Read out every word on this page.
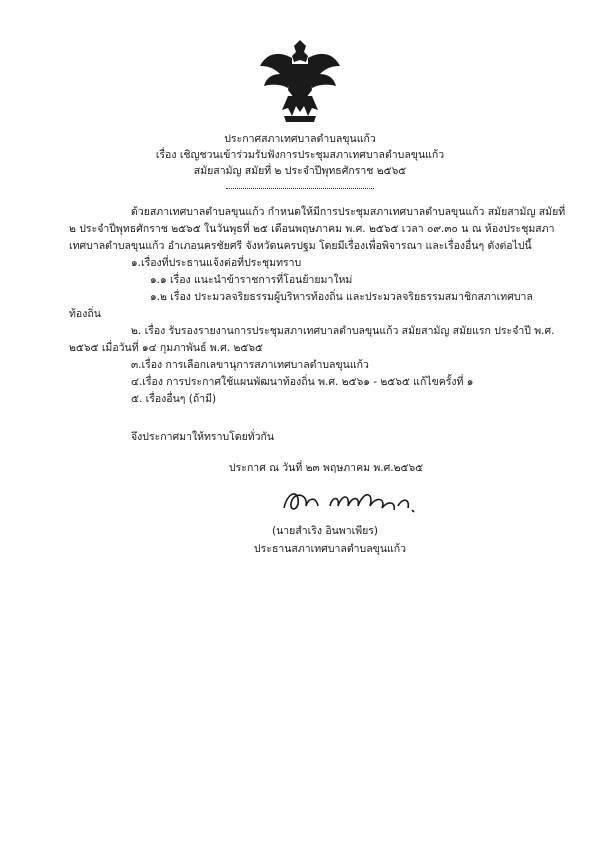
ประกาศสภาเทศบาลตำบลขุนแก้ว
เรื่อง เชิญชวนเข้าร่วมรับฟังการประชุมสภาเทศบาลตำบลขุนแก้ว
สมัยสามัญ สมัยที่ ๒ ประจำปีพุทธศักราช ๒๕๖๕
ด้วยสภาเทศบาลตำบลขุนแก้ว กำหนดให้มีการประชุมสภาเทศบาลตำบลขุนแก้ว สมัยสามัญ สมัยที่
๒ ประจำปีพุทธศักราช ๒๕๖๕ ในวันพุธที่ ๒๕ เดือนพฤษภาคม พ.ศ. ๒๕๖๕ เวลา ๐๙.๓๐ น ณ ห้องประชุมสภา
เทศบาลตำบลขุนแก้ว อำเภอนครชัยศรี จังหวัดนครปฐม โดยมีเรื่องเพื่อพิจารณา และเรื่องอื่นๆ ดังต่อไปนี้
๑.เรื่องที่ประธานแจ้งต่อที่ประชุมทราบ
๑.๑ เรื่อง แนะนำข้าราชการที่โอนย้ายมาใหม่
๑.๒ เรื่อง ประมวลจริยธรรมผู้บริหารท้องถิ่น และประมวลจริยธรรมสมาชิกสภาเทศบาล
ท้องถิ่น
๒. เรื่อง รับรองรายงานการประชุมสภาเทศบาลตำบลขุนแก้ว สมัยสามัญ สมัยแรก ประจำปี พ.ศ.
๒๕๖๕ เมื่อวันที่ ๑๔ กุมภาพันธ์ พ.ศ. ๒๕๖๕
๓.เรื่อง การเลือกเลขานุการสภาเทศบาลตำบลขุนแก้ว
๔.เรื่อง การประกาศใช้แผนพัฒนาท้องถิ่น พ.ศ. ๒๕๖๑ - ๒๕๖๕ แก้ไขครั้งที่ ๑
๕. เรื่องอื่นๆ (ถ้ามี)
จึงประกาศมาให้ทราบโดยทั่วกัน
ประกาศ ณ วันที่ ๒๓ พฤษภาคม พ.ศ.๒๕๖๕
(นายสำเริง อินพาเพียร)
ประธานสภาเทศบาลตำบลขุนแก้ว
